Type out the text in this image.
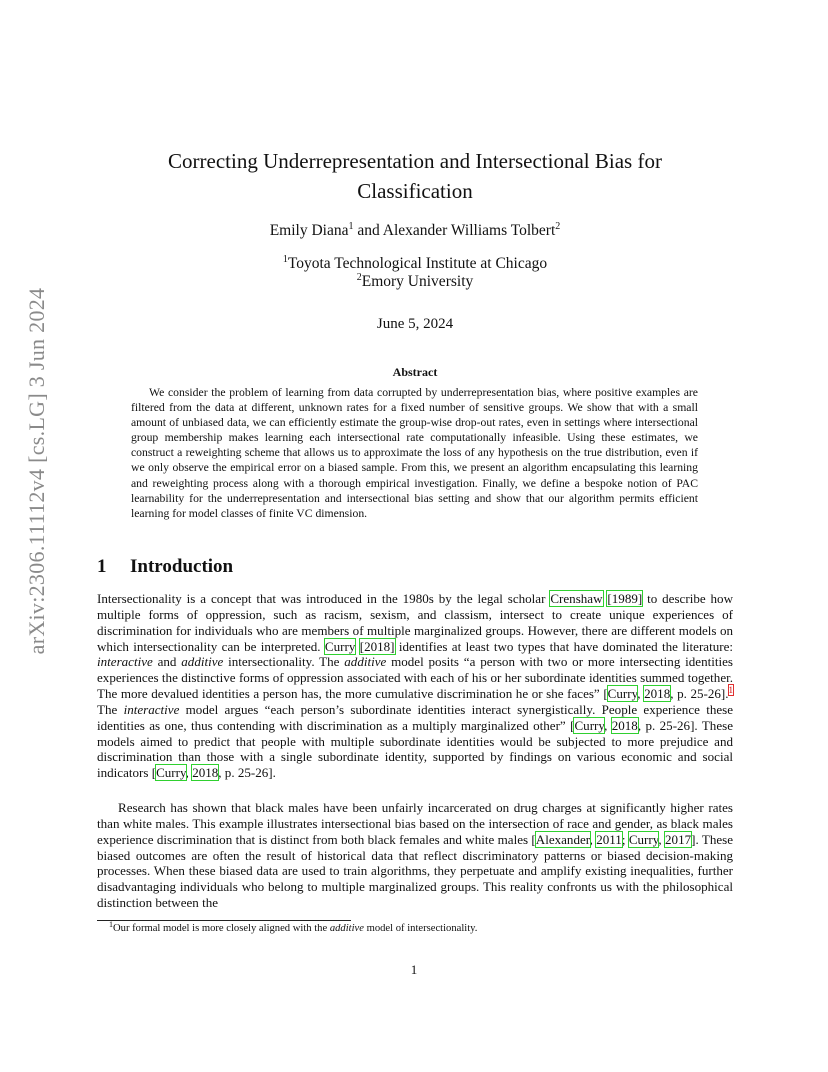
arXiv:2306.11112v4 [cs.LG] 3 Jun 2024
Correcting Underrepresentation and Intersectional Bias for
Classification
Emily Diana$^1$ and Alexander Williams Tolbert$^2$
$^1$Toyota Technological Institute at Chicago
$^2$Emory University
June 5, 2024
Abstract

We consider the problem of learning from data corrupted by underrepresentation bias, where positive examples are filtered from the data at different, unknown rates for a fixed number of sensitive groups. We show that with a small amount of unbiased data, we can efficiently estimate the group-wise drop-out rates, even in settings where intersectional group membership makes learning each intersectional rate computationally infeasible. Using these estimates, we construct a reweighting scheme that allows us to approximate the loss of any hypothesis on the true distribution, even if we only observe the empirical error on a biased sample. From this, we present an algorithm encapsulating this learning and reweighting process along with a thorough empirical investigation. Finally, we define a bespoke notion of PAC learnability for the underrepresentation and intersectional bias setting and show that our algorithm permits efficient learning for model classes of finite VC dimension.

1 Introduction

Intersectionality is a concept that was introduced in the 1980s by the legal scholar Crenshaw [1989] to describe how multiple forms of oppression, such as racism, sexism, and classism, intersect to create unique experiences of discrimination for individuals who are members of multiple marginalized groups. However, there are different models on which intersectionality can be interpreted. Curry [2018] identifies at least two types that have dominated the literature: interactive and additive intersectionality. The additive model posits “a person with two or more intersecting identities experiences the distinctive forms of oppression associated with each of his or her subordinate identities summed together. The more devalued identities a person has, the more cumulative discrimination he or she faces” [Curry, 2018, p. 25-26].$^1$ The interactive model argues “each person’s subordinate identities interact synergistically. People experience these identities as one, thus contending with discrimination as a multiply marginalized other” [Curry, 2018, p. 25-26]. These models aimed to predict that people with multiple subordinate identities would be subjected to more prejudice and discrimination than those with a single subordinate identity, supported by findings on various economic and social indicators [Curry, 2018, p. 25-26].

Research has shown that black males have been unfairly incarcerated on drug charges at significantly higher rates than white males. This example illustrates intersectional bias based on the intersection of race and gender, as black males experience discrimination that is distinct from both black females and white males [Alexander, 2011; Curry, 2017]. These biased outcomes are often the result of historical data that reflect discriminatory patterns or biased decision-making processes. When these biased data are used to train algorithms, they perpetuate and amplify existing inequalities, further disadvantaging individuals who belong to multiple marginalized groups. This reality confronts us with the philosophical distinction between the

$^1$Our formal model is more closely aligned with the additive model of intersectionality.
1
